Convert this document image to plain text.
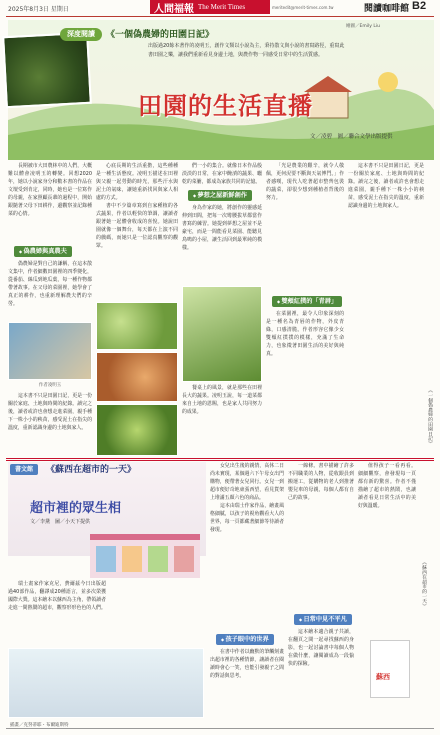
2025年8月3日 星期日	人間福報 The Merit Times	meritedit@merit-times.com.tw	閱讀咖啡館 B2
繪圖／Emily Liu
深度閱讀	《一個偽農婦的田園日記》
出版過20餘本著作的凌明玉，創作文類以小說為主，秉持散文與小說的書寫路徑，重寫此書田園之樂，讓我們重新看見身邊土地，與農作物一同感受日常中的生活質感。
田園的生活直播
文／凌碧　圖／聯合文學出版提供

長期被市大田農林中的人們，大概難以體會凌明玉的轉變。回想2020年，她以小說家身分和數本書的作品在文壇受到肯定，同時，她也是一位寫作的母親，在家照顧長輩的過程中，開始跟隨著父母下田耕作，邊觀察並記錄種菜的心情。

◆ 偽農婦與真農夫

偽農婦是對自己的謙稱，在這本散文集中，作者細數田園裡的四季變化，從番茄、絲瓜到地瓜葉，每一種作物都帶著故事。在父母的菜園裡，她學會了真正的耕作，也重新理解農夫們的辛勞。

作者凌明玉

這本書不只是田園日記，更是一份關於家庭、土地與時間的紀錄。讀完之後，讀者或許也會想走進菜園，親手種下一株小小的秧苗，感受泥土在指尖的溫度，重新認識身邊的土地與家人。

心底長期的生活重擔，這些種種是一種生活態度。凌明玉描述在田裡與父親一起勞動的時光，那些汗水與泥土的氣味，讓她重新找回與家人相處的方式。

書中不少篇章寫到自家種植的各式蔬果，作者以輕快的筆調，讓讀者跟著她一起體會收成的喜悅。她說田園就像一個舞台，每天都在上演不同的戲碼，而她只是一位認真觀察的觀眾。

們一小的集合。就像日本作品般淡淡的日常，在家中醃漬的蔬果、曬乾的菜脯，都成為家族共同的記憶。

◆ 夢想之屋新鮮創作

身為作家的她，將創作的靈感延伸到田間，把每一次彎腰拔草都當作書寫的練習。她提到夢想之屋並不是豪宅，而是一間能看見菜園、能聽見鳥鳴的小屋，讓生活回到最單純的模樣。

餐桌上的風景，就是那些在田裡長大的蔬果。凌明玉說，每一道菜都來自土地的恩賜，也是家人共同努力的成果。

「光是農業的艱辛，就令人敬佩，更何況要不斷與天氣博鬥。」作者感嘆，現代人吃著超市整齊包裝的蔬菜，卻很少想到種植者背後的努力。

◆ 雙頰紅撲的「青唇」

在菜園裡，最令人印象深刻的是一種名為青唇的作物，外皮青綠，口感清脆。作者形容它像少女雙頰紅撲撲的模樣，充滿了生命力，也象徵著田園生活的美好與純真。

這本書不只是田園日記，更是一份關於家庭、土地與時間的紀錄。讀完之後，讀者或許也會想走進菜園，親手種下一株小小的秧苗，感受泥土在指尖的溫度，重新認識身邊的土地與家人。

《一個偽農婦的田園日記》
書文館	《蘇西在超市的一天》
超市裡的眾生相
文／李黛　圖／小天下提供

瑞士畫家作家克尼，費爾茲今日出版超過40部作品，翻譯成20種語言，並多次榮獲國際大獎。這本繪本以蘇西為主角，帶領讀者走進一間熱鬧的超市，觀察形形色色的人們。

插畫／克努蒂耶・布爾迪斯特

女兒出生後的親情，高休二日尚未實現，某個週六下午母女出門購物，便帶著女兒同行。女兒一到超市便好奇地東張西望，看見貨架上堆滿五顏六色的商品。

這本由瑞士作家作品，繪畫風格細膩，以孩子的視角觀看大人的世界，每一頁都藏著細節等待讀者發現。

◆ 孩子眼中的世界

在書中作者以幽默的筆觸刻畫出超市裡的各種情節，讓讀者在閱讀時會心一笑，也能引發親子之間的對話與思考。

一線條。書中描繪了許多不同職業的人物，從收銀員到搬運工，從購物的老人到推著嬰兒車的母親，每個人都有自己的故事。

◆ 日常中見不平凡

這本繪本適合親子共讀，在翻頁之間一起尋找蘇西的身影，也一起討論書中每個人物在做什麼，讓閱讀成為一段愉快的探險。

值得孩子一看再看。細細觀察，會發現每一頁都有新的驚喜。作者不僅描繪了超市的熱鬧，也讓讀者看見日常生活中的美好與溫暖。

蘇西
《蘇西在超市的一天》
